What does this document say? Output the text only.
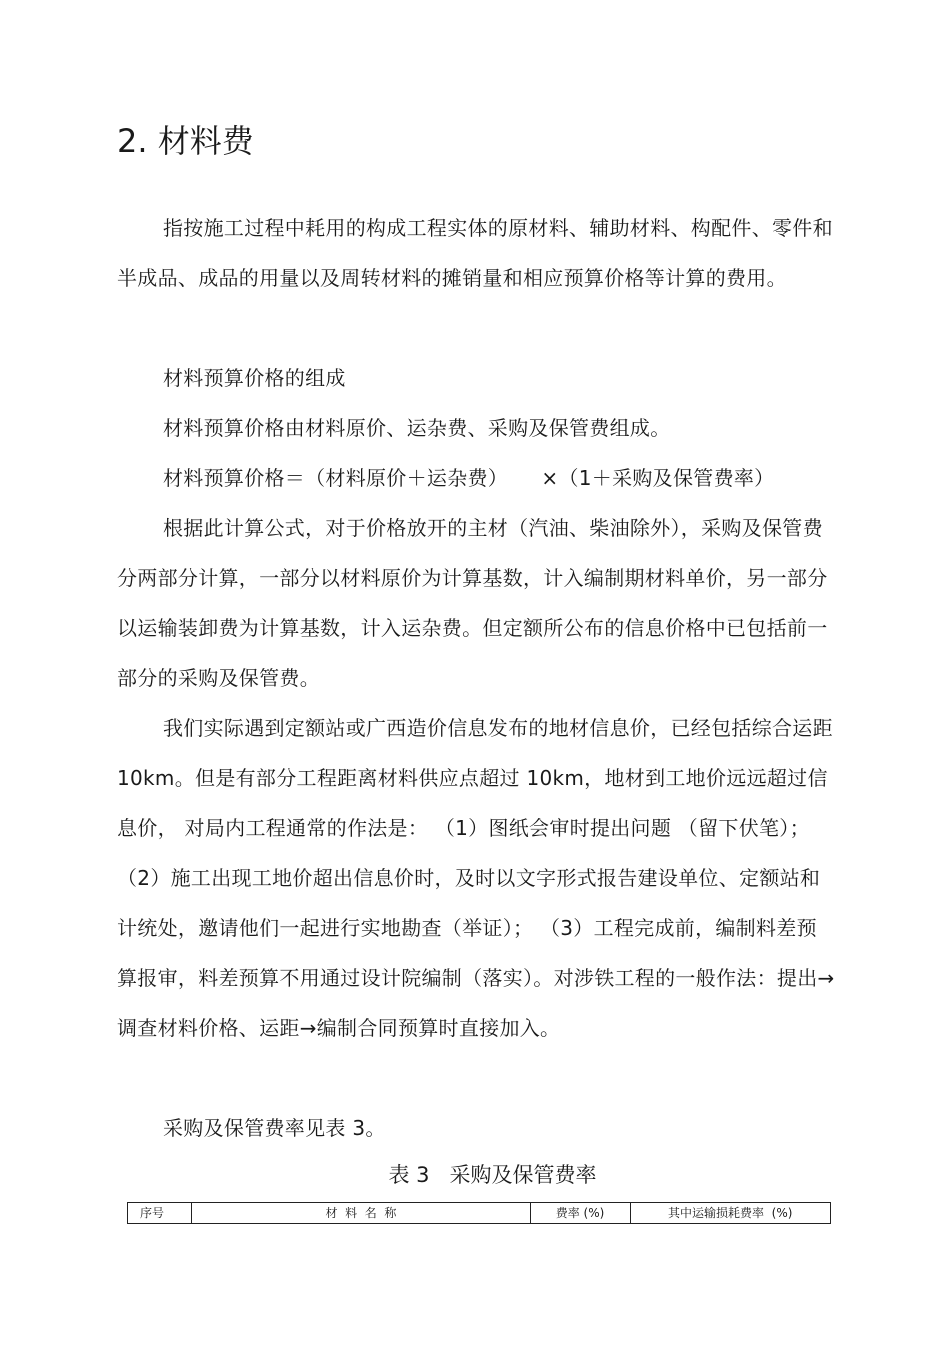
2. 材料费

指按施工过程中耗用的构成工程实体的原材料、辅助材料、构配件、零件和半成品、成品的用量以及周转材料的摊销量和相应预算价格等计算的费用。

材料预算价格的组成

材料预算价格由材料原价、运杂费、采购及保管费组成。

材料预算价格＝（材料原价＋运杂费）     ×（1＋采购及保管费率）

根据此计算公式，对于价格放开的主材（汽油、柴油除外），采购及保管费分两部分计算，一部分以材料原价为计算基数，计入编制期材料单价，另一部分以运输装卸费为计算基数，计入运杂费。但定额所公布的信息价格中已包括前一部分的采购及保管费。

我们实际遇到定额站或广西造价信息发布的地材信息价，已经包括综合运距 10km。但是有部分工程距离材料供应点超过 10km，地材到工地价远远超过信息价， 对局内工程通常的作法是： （1）图纸会审时提出问题 （留下伏笔）；（2）施工出现工地价超出信息价时，及时以文字形式报告建设单位、定额站和计统处，邀请他们一起进行实地勘查（举证）； （3）工程完成前，编制料差预算报审，料差预算不用通过设计院编制（落实）。对涉铁工程的一般作法：提出→调查材料价格、运距→编制合同预算时直接加入。

采购及保管费率见表 3。

表 3   采购及保管费率
序号	材  料  名  称	费率 (%)	其中运输损耗费率  (%)
